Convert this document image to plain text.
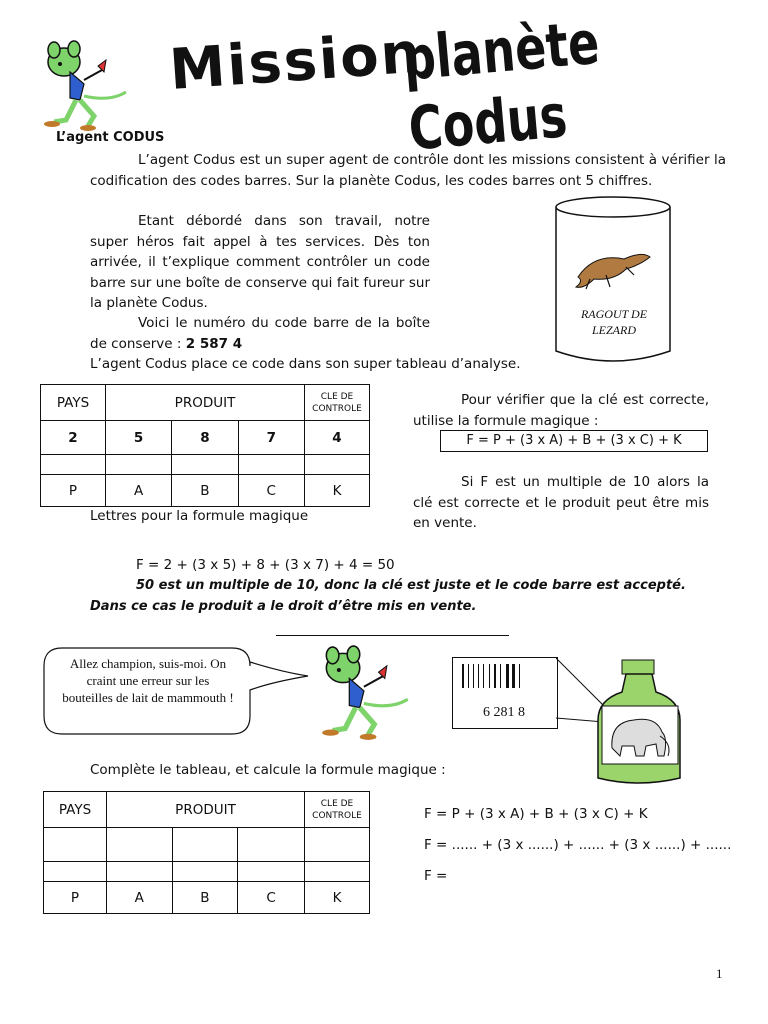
Mission
planète Codus
L’agent CODUS
L’agent Codus est un super agent de contrôle dont les missions consistent à vérifier la codification des codes barres. Sur la planète Codus, les codes barres ont 5 chiffres.
Etant débordé dans son travail, notre super héros fait appel à tes services. Dès ton arrivée, il t’explique comment contrôler un code barre sur une boîte de conserve qui fait fureur sur la planète Codus.
Voici le numéro du code barre de la boîte de conserve : 2 587 4
L’agent Codus place ce code dans son super tableau d’analyse.
RAGOUT DE LEZARD
PAYS	PRODUIT			CLE DE CONTROLE
2	5	8	7	4

P	A	B	C	K
Lettres pour la formule magique
Pour vérifier que la clé est correcte, utilise la formule magique :
F = P + (3 x A) + B + (3 x C) + K
Si F est un multiple de 10 alors la clé est correcte et le produit peut être mis en vente.
F = 2 + (3 x 5) + 8 + (3 x 7) + 4 = 50
50 est un multiple de 10, donc la clé est juste et le code barre est accepté.
Dans ce cas le produit a le droit d’être mis en vente.
Allez champion, suis-moi. On craint une erreur sur les bouteilles de lait de mammouth !
6 281 8
Complète le tableau, et calcule la formule magique :
PAYS	PRODUIT			CLE DE CONTROLE

P	A	B	C	K
F = P + (3 x A) + B + (3 x C) + K
F = ...... + (3 x ......) + ...... + (3 x ......) + ......
F =
1
